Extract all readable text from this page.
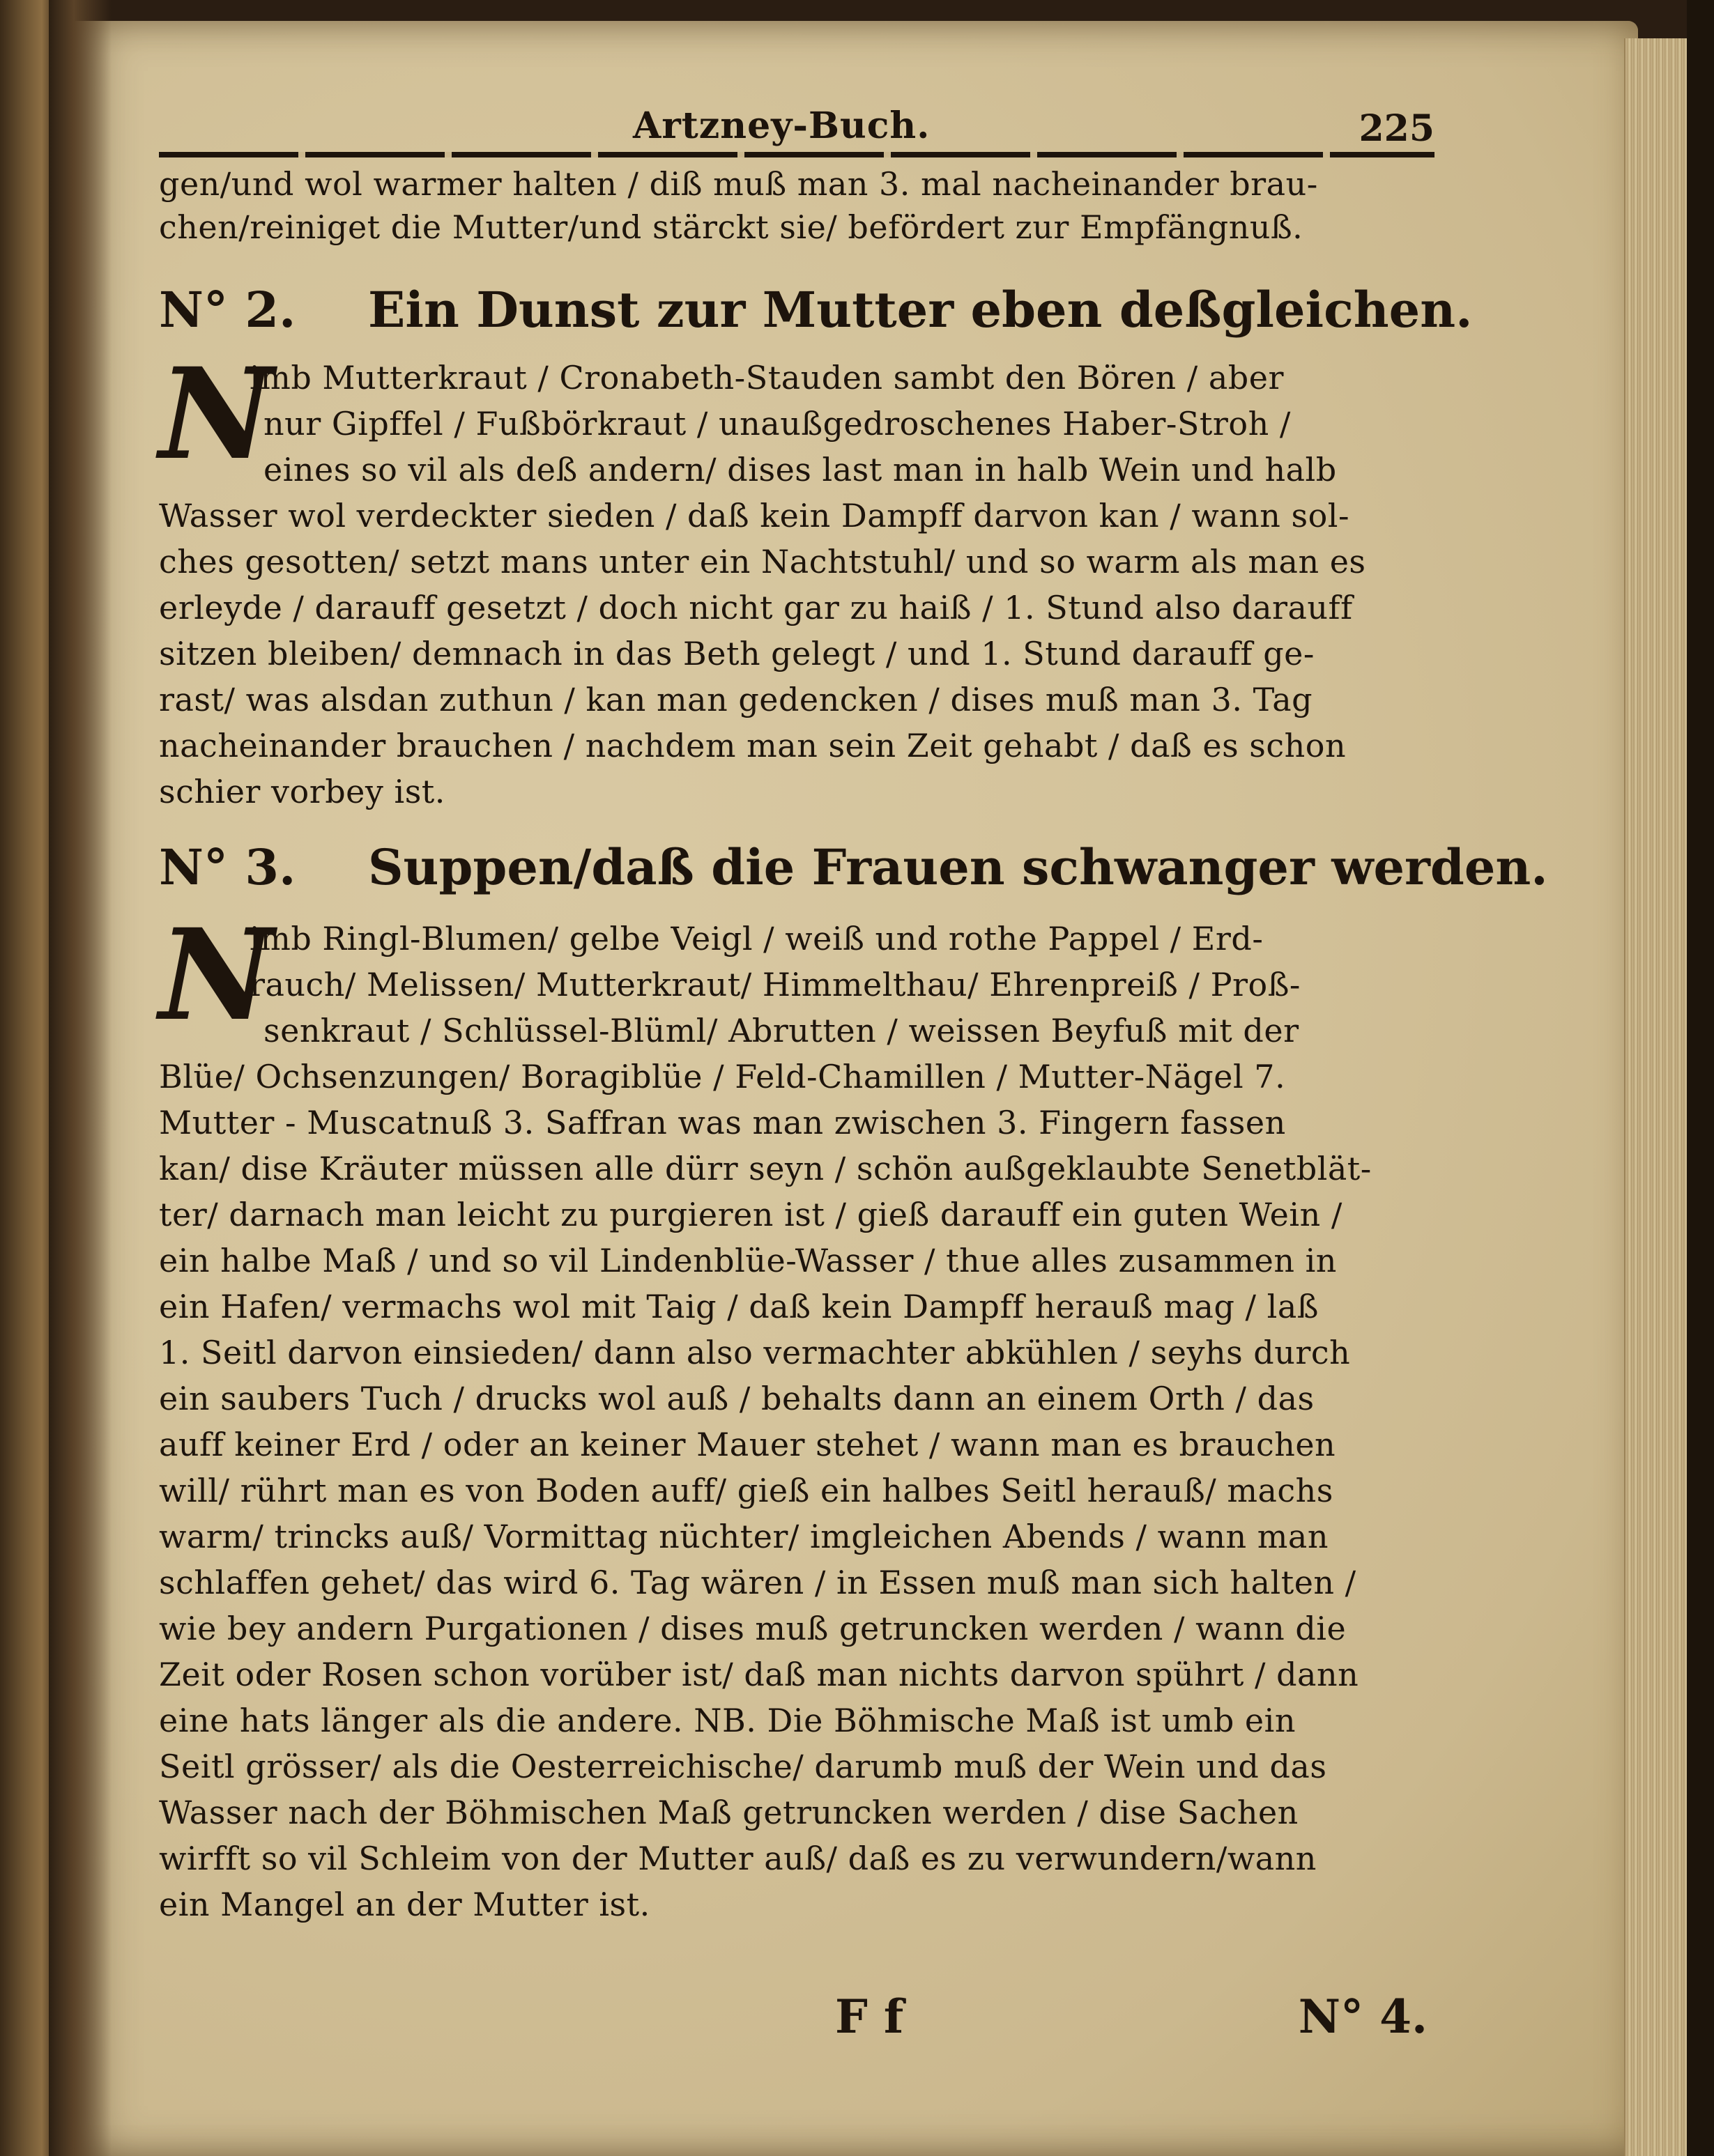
Artzney-Buch.	225
gen/und wol warmer halten / diß muß man 3. mal nacheinander brau-
chen/reiniget die Mutter/und stärckt sie/ befördert zur Empfängnuß.
N° 2. Ein Dunst zur Mutter eben deßgleichen.
N
imb Mutterkraut / Cronabeth-Stauden sambt den Bören / aber
nur Gipffel / Fußbörkraut / unaußgedroschenes Haber-Stroh /
eines so vil als deß andern/ dises last man in halb Wein und halb
Wasser wol verdeckter sieden / daß kein Dampff darvon kan / wann sol-
ches gesotten/ setzt mans unter ein Nachtstuhl/ und so warm als man es
erleyde / darauff gesetzt / doch nicht gar zu haiß / 1. Stund also darauff
sitzen bleiben/ demnach in das Beth gelegt / und 1. Stund darauff ge-
rast/ was alsdan zuthun / kan man gedencken / dises muß man 3. Tag
nacheinander brauchen / nachdem man sein Zeit gehabt / daß es schon
schier vorbey ist.
N° 3. Suppen/daß die Frauen schwanger werden.
N
imb Ringl-Blumen/ gelbe Veigl / weiß und rothe Pappel / Erd-
rauch/ Melissen/ Mutterkraut/ Himmelthau/ Ehrenpreiß / Proß-
senkraut / Schlüssel-Blüml/ Abrutten / weissen Beyfuß mit der
Blüe/ Ochsenzungen/ Boragiblüe / Feld-Chamillen / Mutter-Nägel 7.
Mutter - Muscatnuß 3. Saffran was man zwischen 3. Fingern fassen
kan/ dise Kräuter müssen alle dürr seyn / schön außgeklaubte Senetblät-
ter/ darnach man leicht zu purgieren ist / gieß darauff ein guten Wein /
ein halbe Maß / und so vil Lindenblüe-Wasser / thue alles zusammen in
ein Hafen/ vermachs wol mit Taig / daß kein Dampff herauß mag / laß
1. Seitl darvon einsieden/ dann also vermachter abkühlen / seyhs durch
ein saubers Tuch / drucks wol auß / behalts dann an einem Orth / das
auff keiner Erd / oder an keiner Mauer stehet / wann man es brauchen
will/ rührt man es von Boden auff/ gieß ein halbes Seitl herauß/ machs
warm/ trincks auß/ Vormittag nüchter/ imgleichen Abends / wann man
schlaffen gehet/ das wird 6. Tag wären / in Essen muß man sich halten /
wie bey andern Purgationen / dises muß getruncken werden / wann die
Zeit oder Rosen schon vorüber ist/ daß man nichts darvon spührt / dann
eine hats länger als die andere. NB. Die Böhmische Maß ist umb ein
Seitl grösser/ als die Oesterreichische/ darumb muß der Wein und das
Wasser nach der Böhmischen Maß getruncken werden / dise Sachen
wirfft so vil Schleim von der Mutter auß/ daß es zu verwundern/wann
ein Mangel an der Mutter ist.
F f	N° 4.
